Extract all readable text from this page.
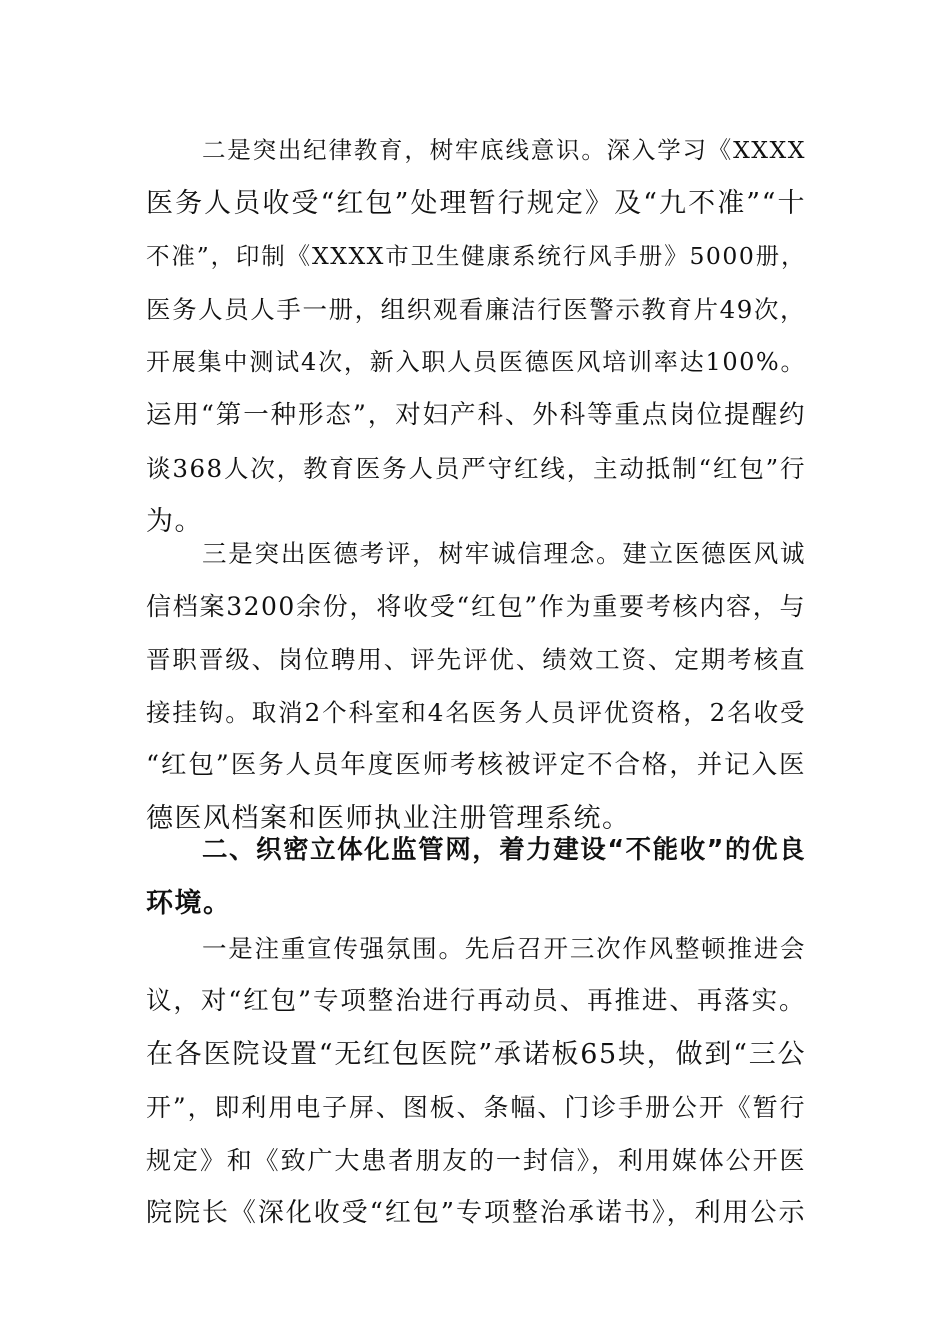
二是突出纪律教育，树牢底线意识。深入学习《XXXX
医务人员收受“红包”处理暂行规定》及“九不准”“十
不准”，印制《XXXX市卫生健康系统行风手册》5000册，
医务人员人手一册，组织观看廉洁行医警示教育片49次，
开展集中测试4次，新入职人员医德医风培训率达100%。
运用“第一种形态”，对妇产科、外科等重点岗位提醒约
谈368人次，教育医务人员严守红线，主动抵制“红包”行
为。
三是突出医德考评，树牢诚信理念。建立医德医风诚
信档案3200余份，将收受“红包”作为重要考核内容，与
晋职晋级、岗位聘用、评先评优、绩效工资、定期考核直
接挂钩。取消2个科室和4名医务人员评优资格，2名收受
“红包”医务人员年度医师考核被评定不合格，并记入医
德医风档案和医师执业注册管理系统。
二、织密立体化监管网，着力建设“不能收”的优良
环境。
一是注重宣传强氛围。先后召开三次作风整顿推进会
议，对“红包”专项整治进行再动员、再推进、再落实。
在各医院设置“无红包医院”承诺板65块，做到“三公
开”，即利用电子屏、图板、条幅、门诊手册公开《暂行
规定》和《致广大患者朋友的一封信》，利用媒体公开医
院院长《深化收受“红包”专项整治承诺书》，利用公示
